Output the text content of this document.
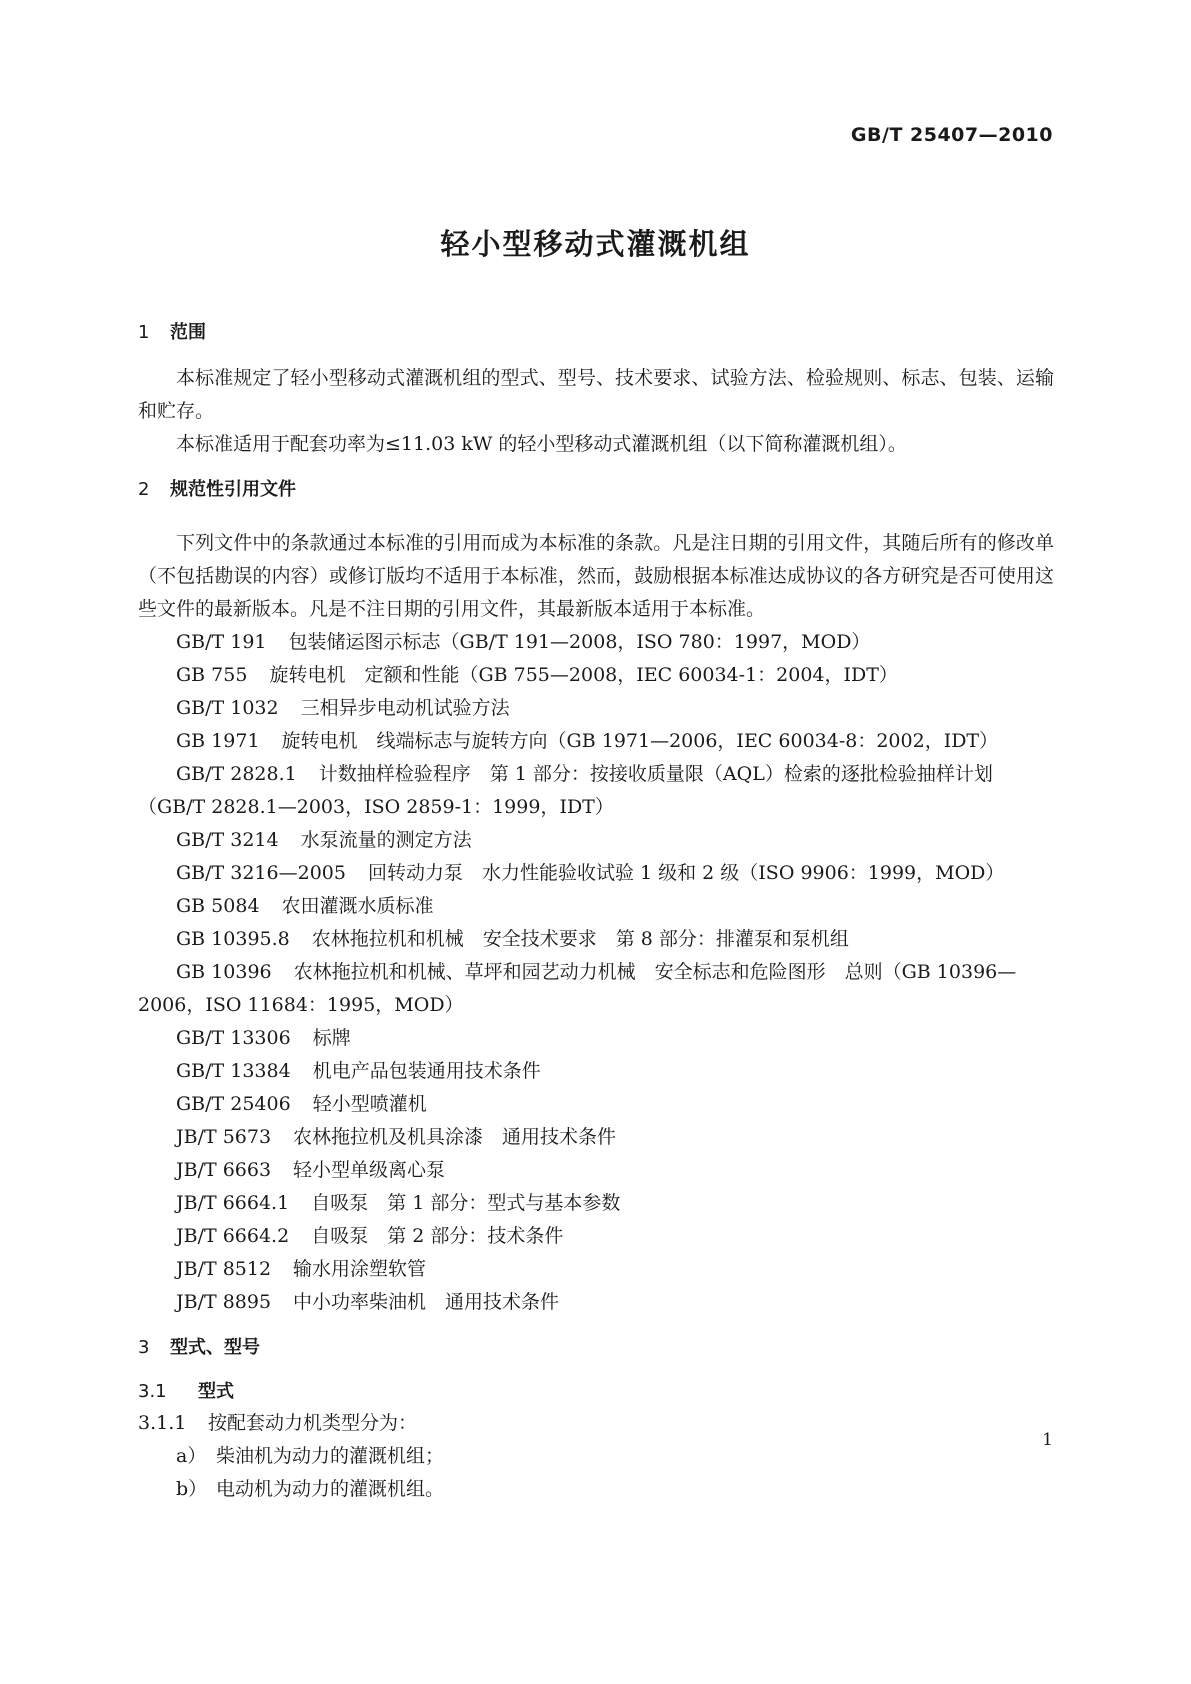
GB/T 25407—2010
轻小型移动式灌溉机组
1 范围

本标准规定了轻小型移动式灌溉机组的型式、型号、技术要求、试验方法、检验规则、标志、包装、运输和贮存。

本标准适用于配套功率为≤11.03 kW 的轻小型移动式灌溉机组（以下简称灌溉机组）。

2 规范性引用文件

下列文件中的条款通过本标准的引用而成为本标准的条款。凡是注日期的引用文件，其随后所有的修改单（不包括勘误的内容）或修订版均不适用于本标准，然而，鼓励根据本标准达成协议的各方研究是否可使用这些文件的最新版本。凡是不注日期的引用文件，其最新版本适用于本标准。

GB/T 191 包装储运图示标志（GB/T 191—2008，ISO 780：1997，MOD）

GB 755 旋转电机　定额和性能（GB 755—2008，IEC 60034-1：2004，IDT）

GB/T 1032 三相异步电动机试验方法

GB 1971 旋转电机　线端标志与旋转方向（GB 1971—2006，IEC 60034-8：2002，IDT）

GB/T 2828.1 计数抽样检验程序　第 1 部分：按接收质量限（AQL）检索的逐批检验抽样计划（GB/T 2828.1—2003，ISO 2859-1：1999，IDT）

GB/T 3214 水泵流量的测定方法

GB/T 3216—2005 回转动力泵　水力性能验收试验 1 级和 2 级（ISO 9906：1999，MOD）

GB 5084 农田灌溉水质标准

GB 10395.8 农林拖拉机和机械　安全技术要求　第 8 部分：排灌泵和泵机组

GB 10396 农林拖拉机和机械、草坪和园艺动力机械　安全标志和危险图形　总则（GB 10396—2006，ISO 11684：1995，MOD）

GB/T 13306 标牌

GB/T 13384 机电产品包装通用技术条件

GB/T 25406 轻小型喷灌机

JB/T 5673 农林拖拉机及机具涂漆　通用技术条件

JB/T 6663 轻小型单级离心泵

JB/T 6664.1 自吸泵　第 1 部分：型式与基本参数

JB/T 6664.2 自吸泵　第 2 部分：技术条件

JB/T 8512 输水用涂塑软管

JB/T 8895 中小功率柴油机　通用技术条件

3 型式、型号
3.1 型式

3.1.1 按配套动力机类型分为：

a） 柴油机为动力的灌溉机组；

b） 电动机为动力的灌溉机组。

1
